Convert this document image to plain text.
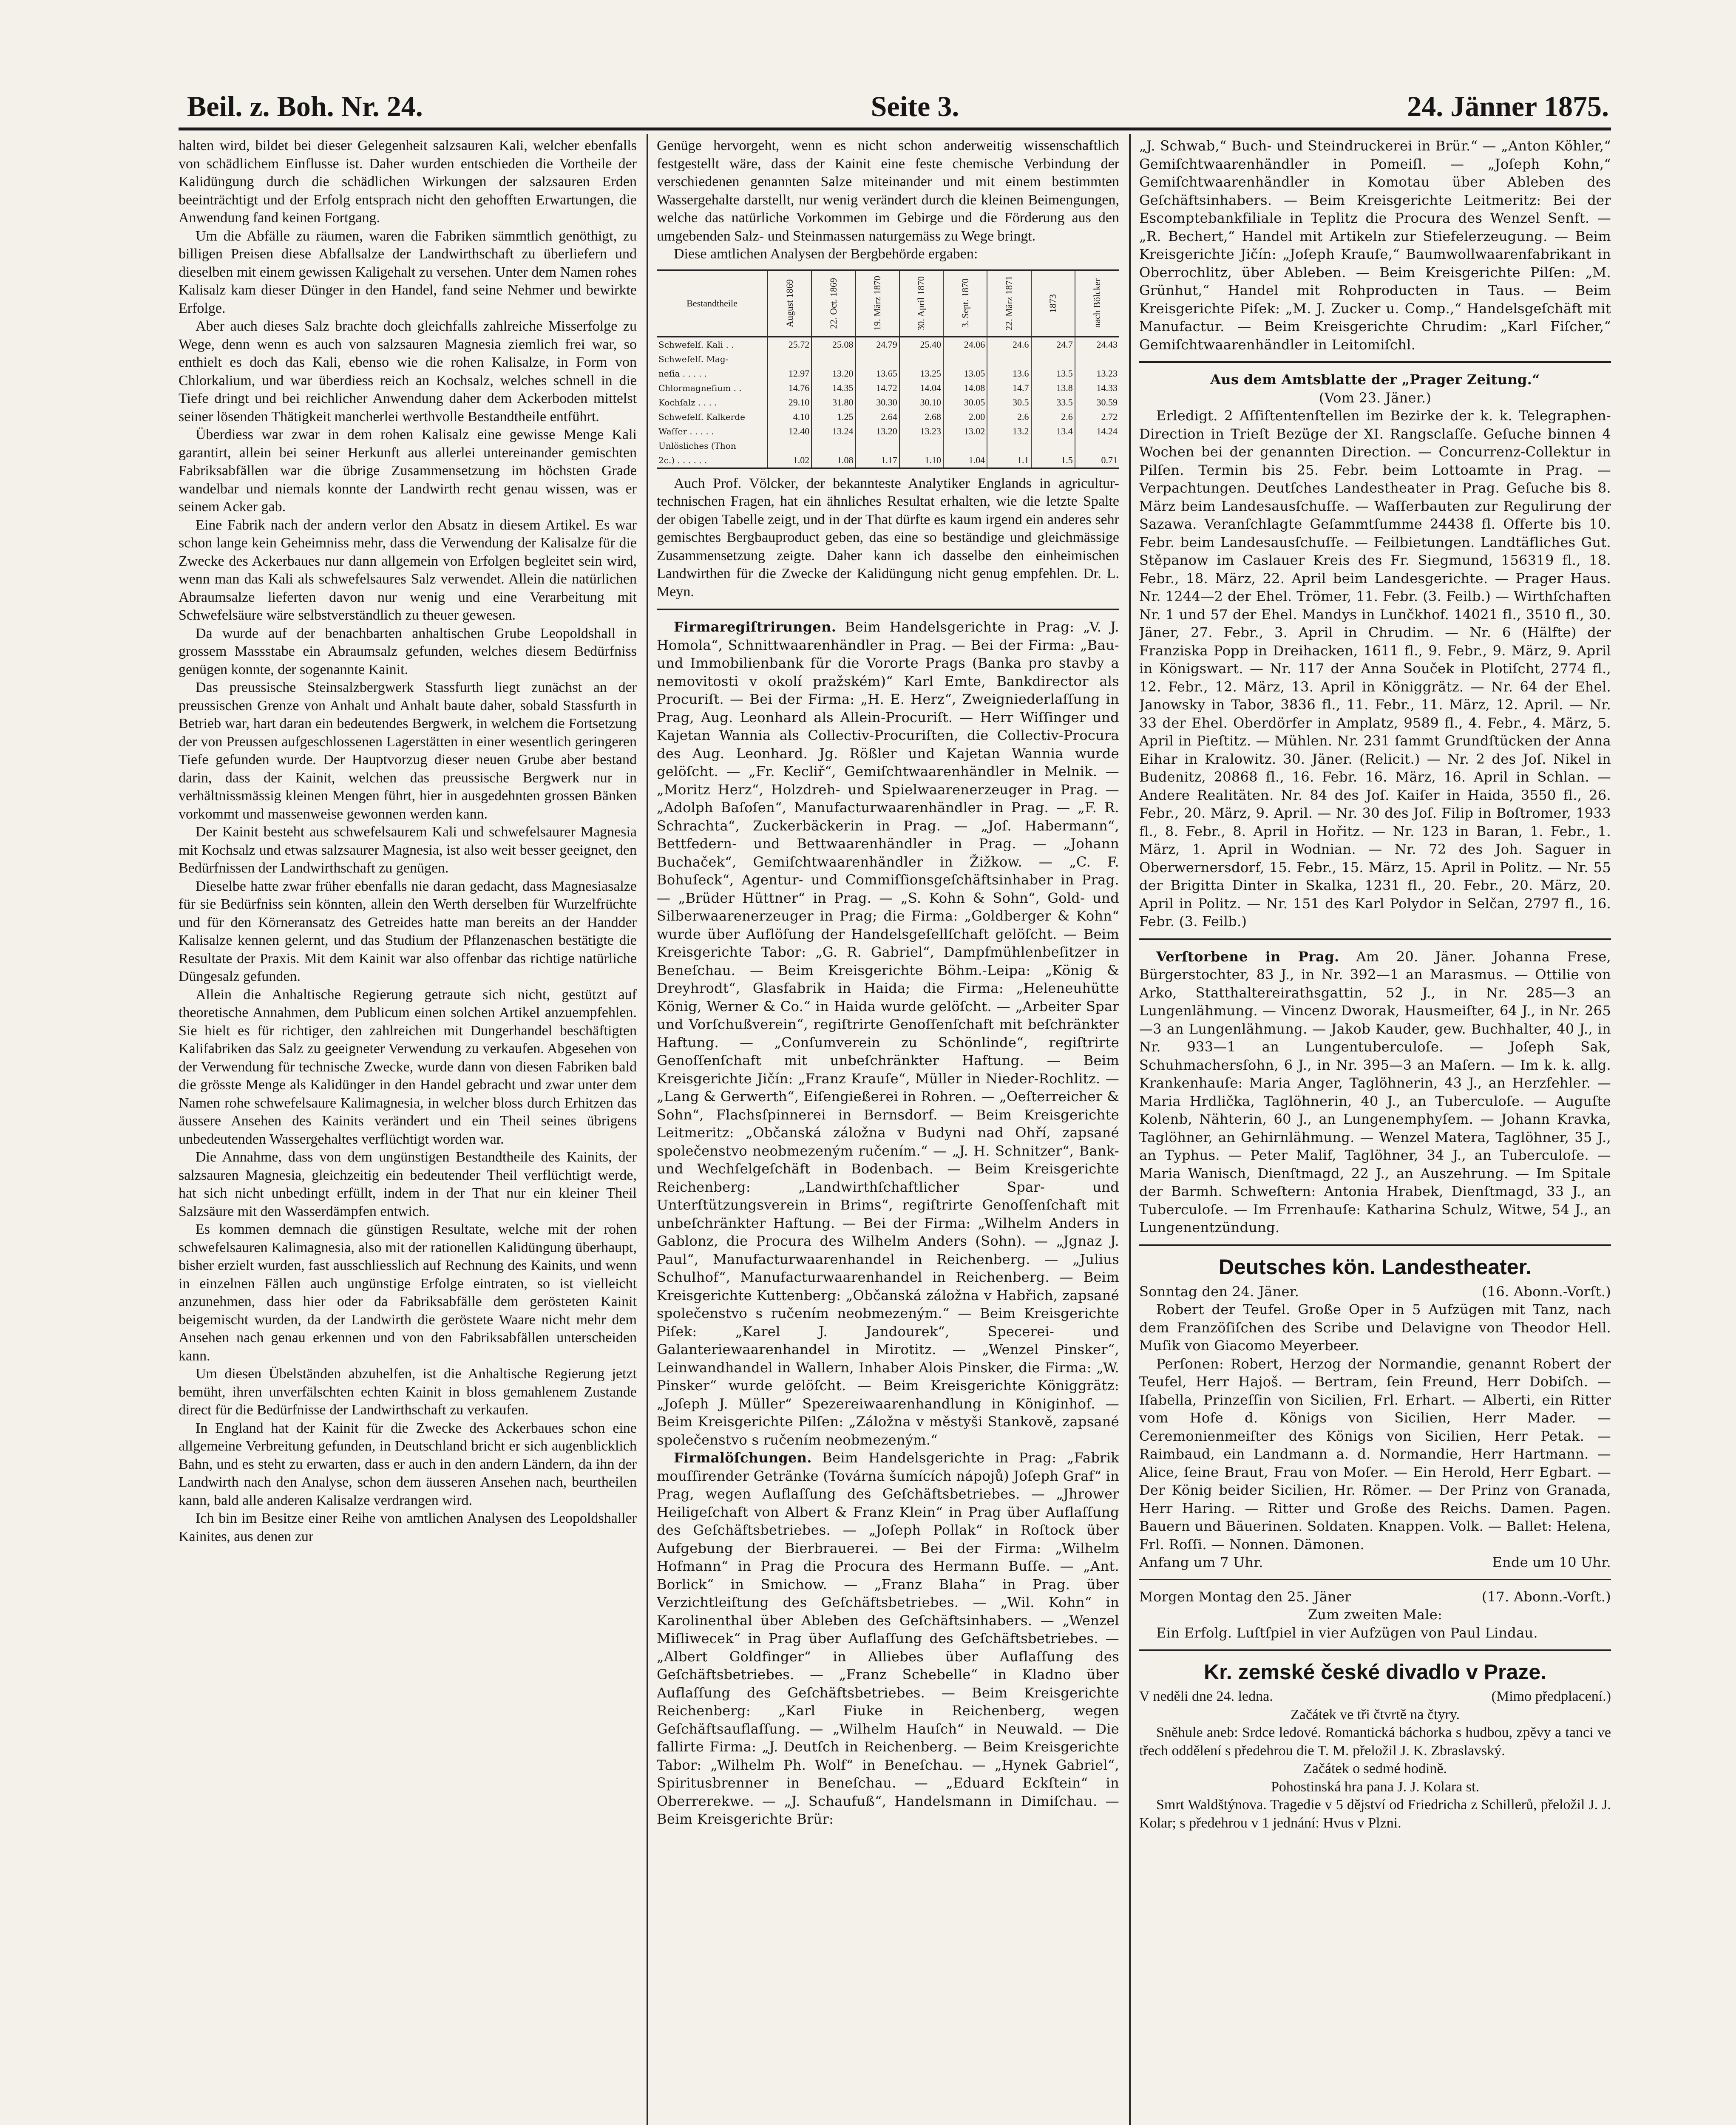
Beil. z. Boh. Nr. 24.	Seite 3.	24. Jänner 1875.

halten wird, bildet bei dieser Gelegenheit salzsauren Kali, welcher ebenfalls von schädlichem Einflusse ist. Daher wurden entschieden die Vortheile der Kalidüngung durch die schädlichen Wirkungen der salzsauren Erden beeinträchtigt und der Erfolg entsprach nicht den gehofften Erwartungen, die Anwendung fand keinen Fortgang.

Um die Abfälle zu räumen, waren die Fabriken sämmtlich genöthigt, zu billigen Preisen diese Abfallsalze der Landwirthschaft zu überliefern und dieselben mit einem gewissen Kaligehalt zu versehen. Unter dem Namen rohes Kalisalz kam dieser Dünger in den Handel, fand seine Nehmer und bewirkte Erfolge.

Aber auch dieses Salz brachte doch gleichfalls zahlreiche Misserfolge zu Wege, denn wenn es auch von salzsauren Magnesia ziemlich frei war, so enthielt es doch das Kali, ebenso wie die rohen Kalisalze, in Form von Chlorkalium, und war überdiess reich an Kochsalz, welches schnell in die Tiefe dringt und bei reichlicher Anwendung daher dem Ackerboden mittelst seiner lösenden Thätigkeit mancherlei werthvolle Bestandtheile entführt.

Überdiess war zwar in dem rohen Kalisalz eine gewisse Menge Kali garantirt, allein bei seiner Herkunft aus allerlei untereinander gemischten Fabriksabfällen war die übrige Zusammensetzung im höchsten Grade wandelbar und niemals konnte der Landwirth recht genau wissen, was er seinem Acker gab.

Eine Fabrik nach der andern verlor den Absatz in diesem Artikel. Es war schon lange kein Geheimniss mehr, dass die Verwendung der Kalisalze für die Zwecke des Ackerbaues nur dann allgemein von Erfolgen begleitet sein wird, wenn man das Kali als schwefelsaures Salz verwendet. Allein die natürlichen Abraumsalze lieferten davon nur wenig und eine Verarbeitung mit Schwefelsäure wäre selbstverständlich zu theuer gewesen.

Da wurde auf der benachbarten anhaltischen Grube Leopoldshall in grossem Massstabe ein Abraumsalz gefunden, welches diesem Bedürfniss genügen konnte, der sogenannte Kainit.

Das preussische Steinsalzbergwerk Stassfurth liegt zunächst an der preussischen Grenze von Anhalt und Anhalt baute daher, sobald Stassfurth in Betrieb war, hart daran ein bedeutendes Bergwerk, in welchem die Fortsetzung der von Preussen aufgeschlossenen Lagerstätten in einer wesentlich geringeren Tiefe gefunden wurde. Der Hauptvorzug dieser neuen Grube aber bestand darin, dass der Kainit, welchen das preussische Bergwerk nur in verhältnissmässig kleinen Mengen führt, hier in ausgedehnten grossen Bänken vorkommt und massenweise gewonnen werden kann.

Der Kainit besteht aus schwefelsaurem Kali und schwefelsaurer Magnesia mit Kochsalz und etwas salzsaurer Magnesia, ist also weit besser geeignet, den Bedürfnissen der Landwirthschaft zu genügen.

Dieselbe hatte zwar früher ebenfalls nie daran gedacht, dass Magnesiasalze für sie Bedürfniss sein könnten, allein den Werth derselben für Wurzelfrüchte und für den Körneransatz des Getreides hatte man bereits an der Handder Kalisalze kennen gelernt, und das Studium der Pflanzenaschen bestätigte die Resultate der Praxis. Mit dem Kainit war also offenbar das richtige natürliche Düngesalz gefunden.

Allein die Anhaltische Regierung getraute sich nicht, gestützt auf theoretische Annahmen, dem Publicum einen solchen Artikel anzuempfehlen. Sie hielt es für richtiger, den zahlreichen mit Dungerhandel beschäftigten Kalifabriken das Salz zu geeigneter Verwendung zu verkaufen. Abgesehen von der Verwendung für technische Zwecke, wurde dann von diesen Fabriken bald die grösste Menge als Kalidünger in den Handel gebracht und zwar unter dem Namen rohe schwefelsaure Kalimagnesia, in welcher bloss durch Erhitzen das äussere Ansehen des Kainits verändert und ein Theil seines übrigens unbedeutenden Wassergehaltes verflüchtigt worden war.

Die Annahme, dass von dem ungünstigen Bestandtheile des Kainits, der salzsauren Magnesia, gleichzeitig ein bedeutender Theil verflüchtigt werde, hat sich nicht unbedingt erfüllt, indem in der That nur ein kleiner Theil Salzsäure mit den Wasserdämpfen entwich.

Es kommen demnach die günstigen Resultate, welche mit der rohen schwefelsauren Kalimagnesia, also mit der rationellen Kalidüngung überhaupt, bisher erzielt wurden, fast ausschliesslich auf Rechnung des Kainits, und wenn in einzelnen Fällen auch ungünstige Erfolge eintraten, so ist vielleicht anzunehmen, dass hier oder da Fabriksabfälle dem gerösteten Kainit beigemischt wurden, da der Landwirth die geröstete Waare nicht mehr dem Ansehen nach genau erkennen und von den Fabriksabfällen unterscheiden kann.

Um diesen Übelständen abzuhelfen, ist die Anhaltische Regierung jetzt bemüht, ihren unverfälschten echten Kainit in bloss gemahlenem Zustande direct für die Bedürfnisse der Landwirthschaft zu verkaufen.

In England hat der Kainit für die Zwecke des Ackerbaues schon eine allgemeine Verbreitung gefunden, in Deutschland bricht er sich augenblicklich Bahn, und es steht zu erwarten, dass er auch in den andern Ländern, da ihn der Landwirth nach den Analyse, schon dem äusseren Ansehen nach, beurtheilen kann, bald alle anderen Kalisalze verdrangen wird.

Ich bin im Besitze einer Reihe von amtlichen Analysen des Leopoldshaller Kainites, aus denen zur

Genüge hervorgeht, wenn es nicht schon anderweitig wissenschaftlich festgestellt wäre, dass der Kainit eine feste chemische Verbindung der verschiedenen genannten Salze miteinander und mit einem bestimmten Wassergehalte darstellt, nur wenig verändert durch die kleinen Beimengungen, welche das natürliche Vorkommen im Gebirge und die Förderung aus den umgebenden Salz- und Steinmassen naturgemäss zu Wege bringt.

Diese amtlichen Analysen der Bergbehörde ergaben:

Bestandtheile	August 1869	22. Oct. 1869	19. März 1870	30. April 1870	3. Sept. 1870	22. März 1871	1873	nach Bölcker
Schwefelſ. Kali . .	25.72	25.08	24.79	25.40	24.06	24.6	24.7	24.43
Schwefelſ. Mag-

neſia . . . . .	12.97	13.20	13.65	13.25	13.05	13.6	13.5	13.23
Chlormagneſium . .	14.76	14.35	14.72	14.04	14.08	14.7	13.8	14.33
Kochſalz . . . .	29.10	31.80	30.30	30.10	30.05	30.5	33.5	30.59
Schwefelſ. Kalkerde	4.10	1.25	2.64	2.68	2.00	2.6	2.6	2.72
Waſſer . . . . .	12.40	13.24	13.20	13.23	13.02	13.2	13.4	14.24
Unlösliches (Thon

2c.) . . . . . .	1.02	1.08	1.17	1.10	1.04	1.1	1.5	0.71

Auch Prof. Völcker, der bekannteste Analytiker Englands in agricultur-technischen Fragen, hat ein ähnliches Resultat erhalten, wie die letzte Spalte der obigen Tabelle zeigt, und in der That dürfte es kaum irgend ein anderes sehr gemischtes Bergbauproduct geben, das eine so beständige und gleichmässige Zusammensetzung zeigte. Daher kann ich dasselbe den einheimischen Landwirthen für die Zwecke der Kalidüngung nicht genug empfehlen. Dr. L. Meyn.

Firmaregiſtrirungen. Beim Handelsgerichte in Prag: „V. J. Homola“, Schnittwaarenhändler in Prag. — Bei der Firma: „Bau- und Immobilienbank für die Vororte Prags (Banka pro stavby a nemovitosti v okolí pražském)“ Karl Emte, Bankdirector als Procuriſt. — Bei der Firma: „H. E. Herz“, Zweigniederlaſſung in Prag, Aug. Leonhard als Allein-Procuriſt. — Herr Wiſſinger und Kajetan Wannia als Collectiv-Procuriſten, die Collectiv-Procura des Aug. Leonhard. Jg. Rößler und Kajetan Wannia wurde gelöſcht. — „Fr. Kecliř“, Gemiſchtwaarenhändler in Melnik. — „Moritz Herz“, Holzdreh- und Spielwaarenerzeuger in Prag. — „Adolph Baſoſen“, Manufacturwaarenhändler in Prag. — „F. R. Schrachta“, Zuckerbäckerin in Prag. — „Joſ. Habermann“, Bettfedern- und Bettwaarenhändler in Prag. — „Johann Buchaček“, Gemiſchtwaarenhändler in Žižkow. — „C. F. Bohuſeck“, Agentur- und Commiſſionsgeſchäftsinhaber in Prag. — „Brüder Hüttner“ in Prag. — „S. Kohn & Sohn“, Gold- und Silberwaarenerzeuger in Prag; die Firma: „Goldberger & Kohn“ wurde über Auflöſung der Handelsgeſellſchaft gelöſcht. — Beim Kreisgerichte Tabor: „G. R. Gabriel“, Dampfmühlenbeſitzer in Beneſchau. — Beim Kreisgerichte Böhm.-Leipa: „König & Dreyhrodt“, Glasfabrik in Haida; die Firma: „Heleneuhütte König, Werner & Co.“ in Haida wurde gelöſcht. — „Arbeiter Spar und Vorſchußverein“, regiſtrirte Genoſſenſchaft mit beſchränkter Haftung. — „Conſumverein zu Schönlinde“, regiſtrirte Genoſſenſchaft mit unbeſchränkter Haftung. — Beim Kreisgerichte Jičín: „Franz Krauſe“, Müller in Nieder-Rochlitz. — „Lang & Gerwerth“, Eiſengießerei in Rohren. — „Oeſterreicher & Sohn“, Flachsſpinnerei in Bernsdorf. — Beim Kreisgerichte Leitmeritz: „Občanská záložna v Budyni nad Ohří, zapsané společenstvo neobmezeným ručením.“ — „J. H. Schnitzer“, Bank- und Wechſelgeſchäft in Bodenbach. — Beim Kreisgerichte Reichenberg: „Landwirthſchaftlicher Spar- und Unterſtützungsverein in Brims“, regiſtrirte Genoſſenſchaft mit unbeſchränkter Haftung. — Bei der Firma: „Wilhelm Anders in Gablonz, die Procura des Wilhelm Anders (Sohn). — „Jgnaz J. Paul“, Manufacturwaarenhandel in Reichenberg. — „Julius Schulhof“, Manufacturwaarenhandel in Reichenberg. — Beim Kreisgerichte Kuttenberg: „Občanská záložna v Habřich, zapsané společenstvo s ručením neobmezeným.“ — Beim Kreisgerichte Piſek: „Karel J. Jandourek“, Specerei- und Galanteriewaarenhandel in Mirotitz. — „Wenzel Pinsker“, Leinwandhandel in Wallern, Inhaber Alois Pinsker, die Firma: „W. Pinsker“ wurde gelöſcht. — Beim Kreisgerichte Königgrätz: „Joſeph J. Müller“ Spezereiwaarenhandlung in Königinhof. — Beim Kreisgerichte Pilſen: „Záložna v městyši Stankově, zapsané společenstvo s ručením neobmezeným.“

Firmalöſchungen. Beim Handelsgerichte in Prag: „Fabrik mouſſirender Getränke (Továrna šumících nápojů) Joſeph Graf“ in Prag, wegen Auflaſſung des Geſchäftsbetriebes. — „Jhrower Heiligeſchaft von Albert & Franz Klein“ in Prag über Auflaſſung des Geſchäftsbetriebes. — „Joſeph Pollak“ in Roſtock über Aufgebung der Bierbrauerei. — Bei der Firma: „Wilhelm Hofmann“ in Prag die Procura des Hermann Buſſe. — „Ant. Borlick“ in Smichow. — „Franz Blaha“ in Prag. über Verzichtleiſtung des Geſchäftsbetriebes. — „Wil. Kohn“ in Karolinenthal über Ableben des Geſchäftsinhabers. — „Wenzel Miſliwecek“ in Prag über Auflaſſung des Geſchäftsbetriebes. — „Albert Goldfinger“ in Alliebes über Auflaſſung des Geſchäftsbetriebes. — „Franz Schebelle“ in Kladno über Auflaſſung des Geſchäftsbetriebes. — Beim Kreisgerichte Reichenberg: „Karl Fiuke in Reichenberg, wegen Geſchäftsauflaſſung. — „Wilhelm Hauſch“ in Neuwald. — Die fallirte Firma: „J. Deutſch in Reichenberg. — Beim Kreisgerichte Tabor: „Wilhelm Ph. Wolf“ in Beneſchau. — „Hynek Gabriel“, Spiritusbrenner in Beneſchau. — „Eduard Eckſtein“ in Oberrerekwe. — „J. Schaufuß“, Handelsmann in Dimiſchau. — Beim Kreisgerichte Brür:

„J. Schwab,“ Buch- und Steindruckerei in Brür.“ — „Anton Köhler,“ Gemiſchtwaarenhändler in Pomeiſl. — „Joſeph Kohn,“ Gemiſchtwaarenhändler in Komotau über Ableben des Geſchäftsinhabers. — Beim Kreisgerichte Leitmeritz: Bei der Escomptebankfiliale in Teplitz die Procura des Wenzel Senft. — „R. Bechert,“ Handel mit Artikeln zur Stiefelerzeugung. — Beim Kreisgerichte Jičín: „Joſeph Krauſe,“ Baumwollwaarenfabrikant in Oberrochlitz, über Ableben. — Beim Kreisgerichte Pilſen: „M. Grünhut,“ Handel mit Rohproducten in Taus. — Beim Kreisgerichte Piſek: „M. J. Zucker u. Comp.,“ Handelsgeſchäft mit Manufactur. — Beim Kreisgerichte Chrudim: „Karl Fiſcher,“ Gemiſchtwaarenhändler in Leitomiſchl.

Aus dem Amtsblatte der „Prager Zeitung.“

(Vom 23. Jäner.)

Erledigt. 2 Aſſiſtentenſtellen im Bezirke der k. k. Telegraphen-Direction in Trieſt Bezüge der XI. Rangsclaſſe. Geſuche binnen 4 Wochen bei der genannten Direction. — Concurrenz-Collektur in Pilſen. Termin bis 25. Febr. beim Lottoamte in Prag. — Verpachtungen. Deutſches Landestheater in Prag. Geſuche bis 8. März beim Landesausſchuſſe. — Waſſerbauten zur Regulirung der Sazawa. Veranſchlagte Geſammtſumme 24438 fl. Offerte bis 10. Febr. beim Landesausſchuſſe. — Feilbietungen. Landtäfliches Gut. Stěpanow im Caslauer Kreis des Fr. Siegmund, 156319 fl., 18. Febr., 18. März, 22. April beim Landesgerichte. — Prager Haus. Nr. 1244—2 der Ehel. Trömer, 11. Febr. (3. Feilb.) — Wirthſchaften Nr. 1 und 57 der Ehel. Mandys in Lunčkhof. 14021 fl., 3510 fl., 30. Jäner, 27. Febr., 3. April in Chrudim. — Nr. 6 (Hälfte) der Franziska Popp in Dreihacken, 1611 fl., 9. Febr., 9. März, 9. April in Königswart. — Nr. 117 der Anna Souček in Plotiſcht, 2774 fl., 12. Febr., 12. März, 13. April in Königgrätz. — Nr. 64 der Ehel. Janowsky in Tabor, 3836 fl., 11. Febr., 11. März, 12. April. — Nr. 33 der Ehel. Oberdörfer in Amplatz, 9589 fl., 4. Febr., 4. März, 5. April in Pieſtitz. — Mühlen. Nr. 231 ſammt Grundſtücken der Anna Eihar in Kralowitz. 30. Jäner. (Relicit.) — Nr. 2 des Joſ. Nikel in Budenitz, 20868 fl., 16. Febr. 16. März, 16. April in Schlan. — Andere Realitäten. Nr. 84 des Joſ. Kaiſer in Haida, 3550 fl., 26. Febr., 20. März, 9. April. — Nr. 30 des Joſ. Filip in Boſtromer, 1933 fl., 8. Febr., 8. April in Hořitz. — Nr. 123 in Baran, 1. Febr., 1. März, 1. April in Wodnian. — Nr. 72 des Joh. Saguer in Oberwernersdorf, 15. Febr., 15. März, 15. April in Politz. — Nr. 55 der Brigitta Dinter in Skalka, 1231 fl., 20. Febr., 20. März, 20. April in Politz. — Nr. 151 des Karl Polydor in Selčan, 2797 fl., 16. Febr. (3. Feilb.)

Verſtorbene in Prag. Am 20. Jäner. Johanna Frese, Bürgerstochter, 83 J., in Nr. 392—1 an Marasmus. — Ottilie von Arko, Statthaltereirathsgattin, 52 J., in Nr. 285—3 an Lungenlähmung. — Vincenz Dworak, Hausmeiſter, 64 J., in Nr. 265—3 an Lungenlähmung. — Jakob Kauder, gew. Buchhalter, 40 J., in Nr. 933—1 an Lungentuberculoſe. — Joſeph Sak, Schuhmachersſohn, 6 J., in Nr. 395—3 an Maſern. — Im k. k. allg. Krankenhauſe: Maria Anger, Taglöhnerin, 43 J., an Herzfehler. — Maria Hrdlička, Taglöhnerin, 40 J., an Tuberculoſe. — Auguſte Kolenb, Nähterin, 60 J., an Lungenemphyſem. — Johann Kravka, Taglöhner, an Gehirnlähmung. — Wenzel Matera, Taglöhner, 35 J., an Typhus. — Peter Malif, Taglöhner, 34 J., an Tuberculoſe. — Maria Wanisch, Dienſtmagd, 22 J., an Auszehrung. — Im Spitale der Barmh. Schweſtern: Antonia Hrabek, Dienſtmagd, 33 J., an Tuberculoſe. — Im Frrenhauſe: Katharina Schulz, Witwe, 54 J., an Lungenentzündung.

Deutsches kön. Landestheater.

Sonntag den 24. Jäner.	(16. Abonn.-Vorſt.)

Robert der Teufel. Große Oper in 5 Aufzügen mit Tanz, nach dem Franzöſiſchen des Scribe und Delavigne von Theodor Hell. Muſik von Giacomo Meyerbeer.

Perſonen: Robert, Herzog der Normandie, genannt Robert der Teufel, Herr Hajoš. — Bertram, ſein Freund, Herr Dobiſch. — Iſabella, Prinzeſſin von Sicilien, Frl. Erhart. — Alberti, ein Ritter vom Hofe d. Königs von Sicilien, Herr Mader. — Ceremonienmeiſter des Königs von Sicilien, Herr Petak. — Raimbaud, ein Landmann a. d. Normandie, Herr Hartmann. — Alice, ſeine Braut, Frau von Moſer. — Ein Herold, Herr Egbart. — Der König beider Sicilien, Hr. Römer. — Der Prinz von Granada, Herr Haring. — Ritter und Große des Reichs. Damen. Pagen. Bauern und Bäuerinen. Soldaten. Knappen. Volk. — Ballet: Helena, Frl. Roſſi. — Nonnen. Dämonen.

Anfang um 7 Uhr.	Ende um 10 Uhr.

Morgen Montag den 25. Jäner	(17. Abonn.-Vorſt.)

Zum zweiten Male:

Ein Erfolg. Luſtſpiel in vier Aufzügen von Paul Lindau.

Kr. zemské české divadlo v Praze.

V neděli dne 24. ledna.	(Mimo předplacení.)

Začátek ve tři čtvrtě na čtyry.

Sněhule aneb: Srdce ledové. Romantická báchorka s hudbou, zpěvy a tanci ve třech oddělení s předehrou die T. M. přeložil J. K. Zbraslavský.

Začátek o sedmé hodině.

Pohostinská hra pana J. J. Kolara st.

Smrt Waldštýnova. Tragedie v 5 dějství od Friedricha z Schillerů, přeložil J. J. Kolar; s předehrou v 1 jednání: Hvus v Plzni.
